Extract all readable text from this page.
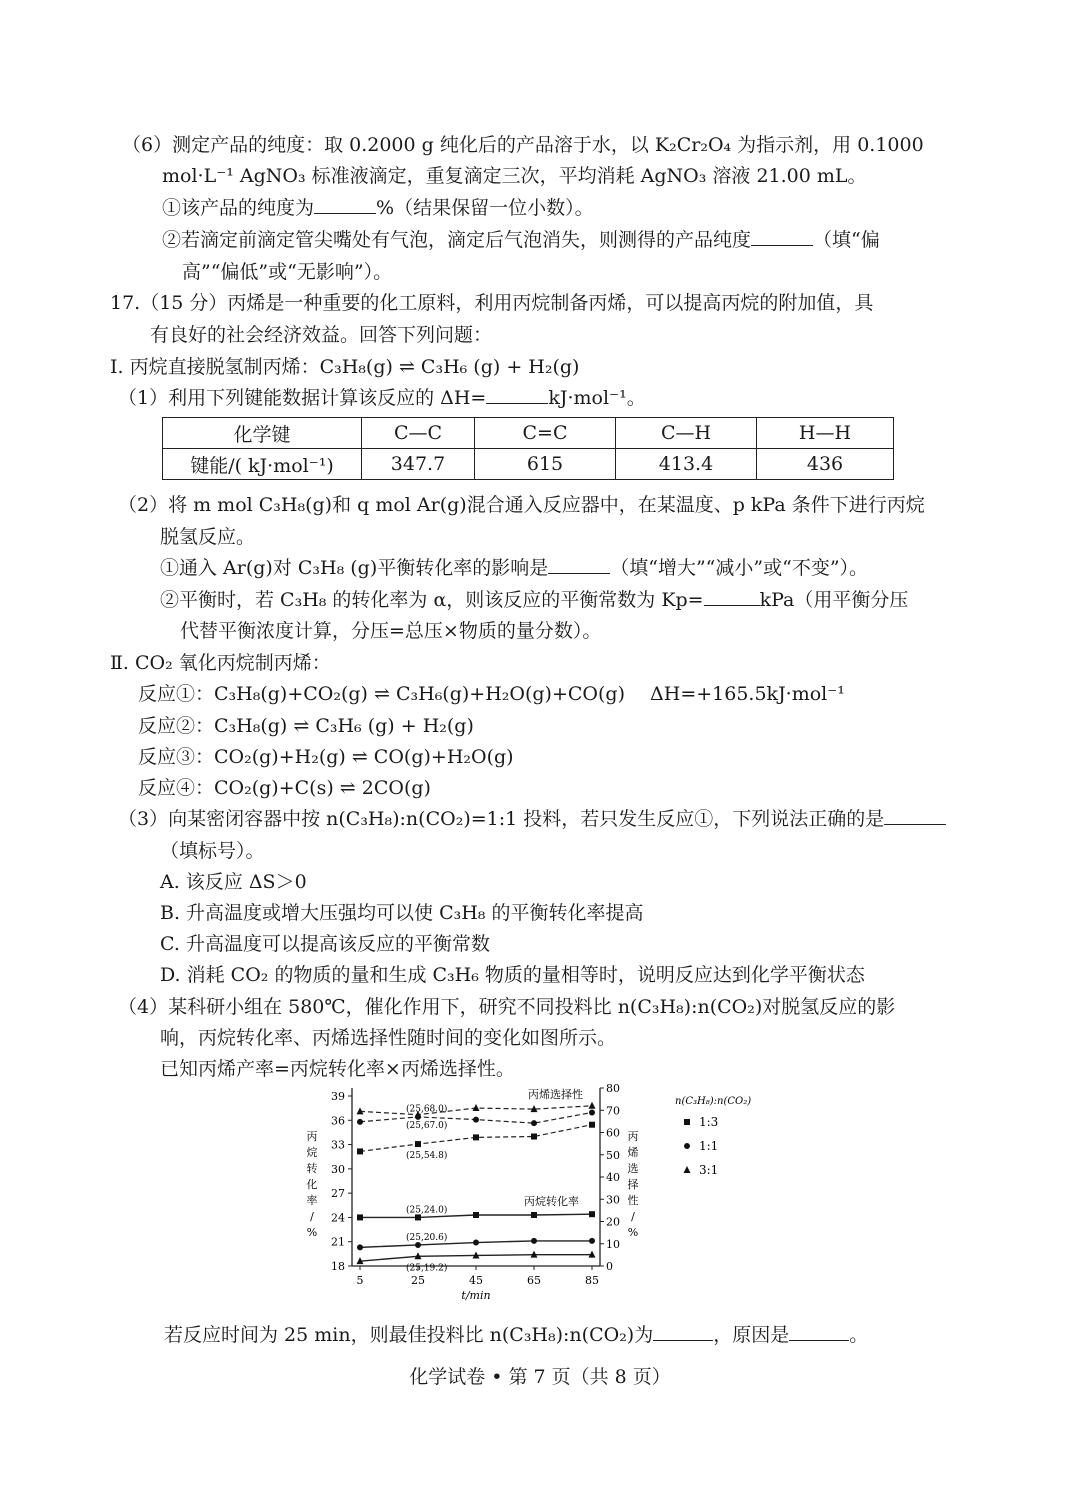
（6）测定产品的纯度：取 0.2000 g 纯化后的产品溶于水，以 K₂Cr₂O₄ 为指示剂，用 0.1000
mol·L⁻¹ AgNO₃ 标准液滴定，重复滴定三次，平均消耗 AgNO₃ 溶液 21.00 mL。
①该产品的纯度为	%（结果保留一位小数）。
②若滴定前滴定管尖嘴处有气泡，滴定后气泡消失，则测得的产品纯度	（填“偏
高”“偏低”或“无影响”）。
17.（15 分）丙烯是一种重要的化工原料，利用丙烷制备丙烯，可以提高丙烷的附加值，具
有良好的社会经济效益。回答下列问题：
Ⅰ. 丙烷直接脱氢制丙烯：C₃H₈(g) ⇌ C₃H₆ (g) + H₂(g)
（1）利用下列键能数据计算该反应的 ΔH=	kJ·mol⁻¹。
化学键	C—C	C=C	C—H	H—H
键能/( kJ·mol⁻¹)	347.7	615	413.4	436
（2）将 m mol C₃H₈(g)和 q mol Ar(g)混合通入反应器中，在某温度、p kPa 条件下进行丙烷
脱氢反应。
①通入 Ar(g)对 C₃H₈ (g)平衡转化率的影响是	（填“增大”“减小”或“不变”）。
②平衡时，若 C₃H₈ 的转化率为 α，则该反应的平衡常数为 Kp=	kPa（用平衡分压
代替平衡浓度计算，分压=总压×物质的量分数）。
Ⅱ. CO₂ 氧化丙烷制丙烯：
反应①：C₃H₈(g)+CO₂(g) ⇌ C₃H₆(g)+H₂O(g)+CO(g)　 ΔH=+165.5kJ·mol⁻¹
反应②：C₃H₈(g) ⇌ C₃H₆ (g) + H₂(g)
反应③：CO₂(g)+H₂(g) ⇌ CO(g)+H₂O(g)
反应④：CO₂(g)+C(s) ⇌ 2CO(g)
（3）向某密闭容器中按 n(C₃H₈):n(CO₂)=1:1 投料，若只发生反应①，下列说法正确的是
（填标号）。
A. 该反应 ΔS＞0
B. 升高温度或增大压强均可以使 C₃H₈ 的平衡转化率提高
C. 升高温度可以提高该反应的平衡常数
D. 消耗 CO₂ 的物质的量和生成 C₃H₆ 物质的量相等时，说明反应达到化学平衡状态
（4）某科研小组在 580℃，催化作用下，研究不同投料比 n(C₃H₈):n(CO₂)对脱氢反应的影
响，丙烷转化率、丙烯选择性随时间的变化如图所示。
已知丙烯产率=丙烷转化率×丙烯选择性。
18
21
24
27
30
33
36
39
0
10
20
30
40
50
60
70
80
5	25	45	65	85
t/min
丙烷转化率/ %
丙烯选择性/ %
(25,68.0)
(25,67.0)
(25,54.8)
(25,24.0)
(25,20.6)
(25,19.2)
丙烯选择性
丙烷转化率
n(C₃H₈):n(CO₂)
1:3
1:1
3:1
若反应时间为 25 min，则最佳投料比 n(C₃H₈):n(CO₂)为	，原因是	。
化学试卷 • 第 7 页（共 8 页）
